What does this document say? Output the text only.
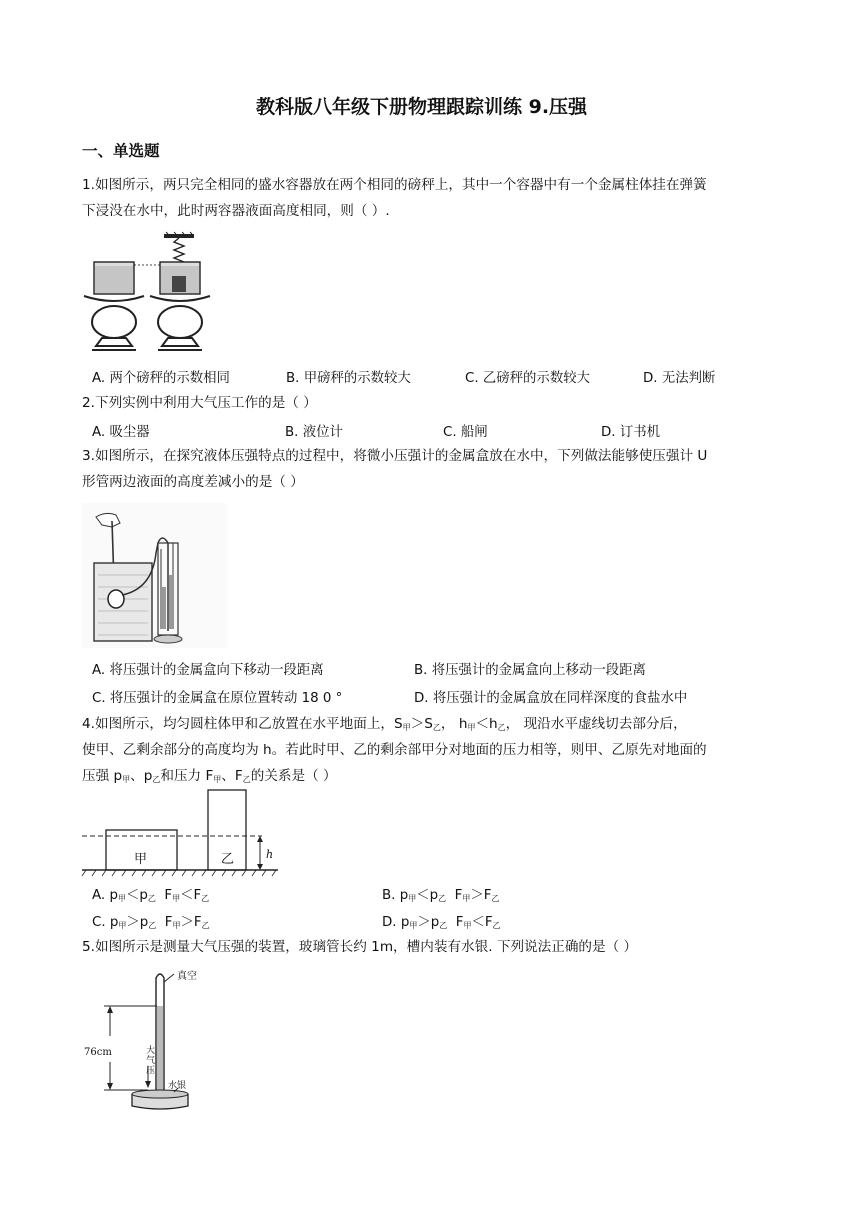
教科版八年级下册物理跟踪训练 9.压强
一、单选题
1.如图所示，两只完全相同的盛水容器放在两个相同的磅秤上，其中一个容器中有一个金属柱体挂在弹簧
下浸没在水中，此时两容器液面高度相同，则（ ）.
A. 两个磅秤的示数相同	B. 甲磅秤的示数较大	C. 乙磅秤的示数较大	D. 无法判断
2.下列实例中利用大气压工作的是（ ）
A. 吸尘器	B. 液位计	C. 船闸	D. 订书机
3.如图所示，在探究液体压强特点的过程中，将微小压强计的金属盒放在水中，下列做法能够使压强计 U
形管两边液面的高度差减小的是（ ）
A. 将压强计的金属盒向下移动一段距离	B. 将压强计的金属盒向上移动一段距离
C. 将压强计的金属盒在原位置转动 18 0 °	D. 将压强计的金属盒放在同样深度的食盐水中
4.如图所示，均匀圆柱体甲和乙放置在水平地面上，$S_甲>S_乙$， $h_甲<h_乙$， 现沿水平虚线切去部分后，
使甲、乙剩余部分的高度均为 h。若此时甲、乙的剩余部甲分对地面的压力相等，则甲、乙原先对地面的
压强 $p_甲$、$p_乙$和压力 $F_甲$、$F_乙$的关系是（ ）
甲	乙	h
A. $p_甲<p_乙$ $F_甲<F_乙$	B. $p_甲<p_乙$ $F_甲>F_乙$
C. $p_甲>p_乙$ $F_甲>F_乙$	D. $p_甲>p_乙$ $F_甲<F_乙$
5.如图所示是测量大气压强的装置，玻璃管长约 1m，槽内装有水银. 下列说法正确的是（ ）
真空
76cm	大气压
水银
